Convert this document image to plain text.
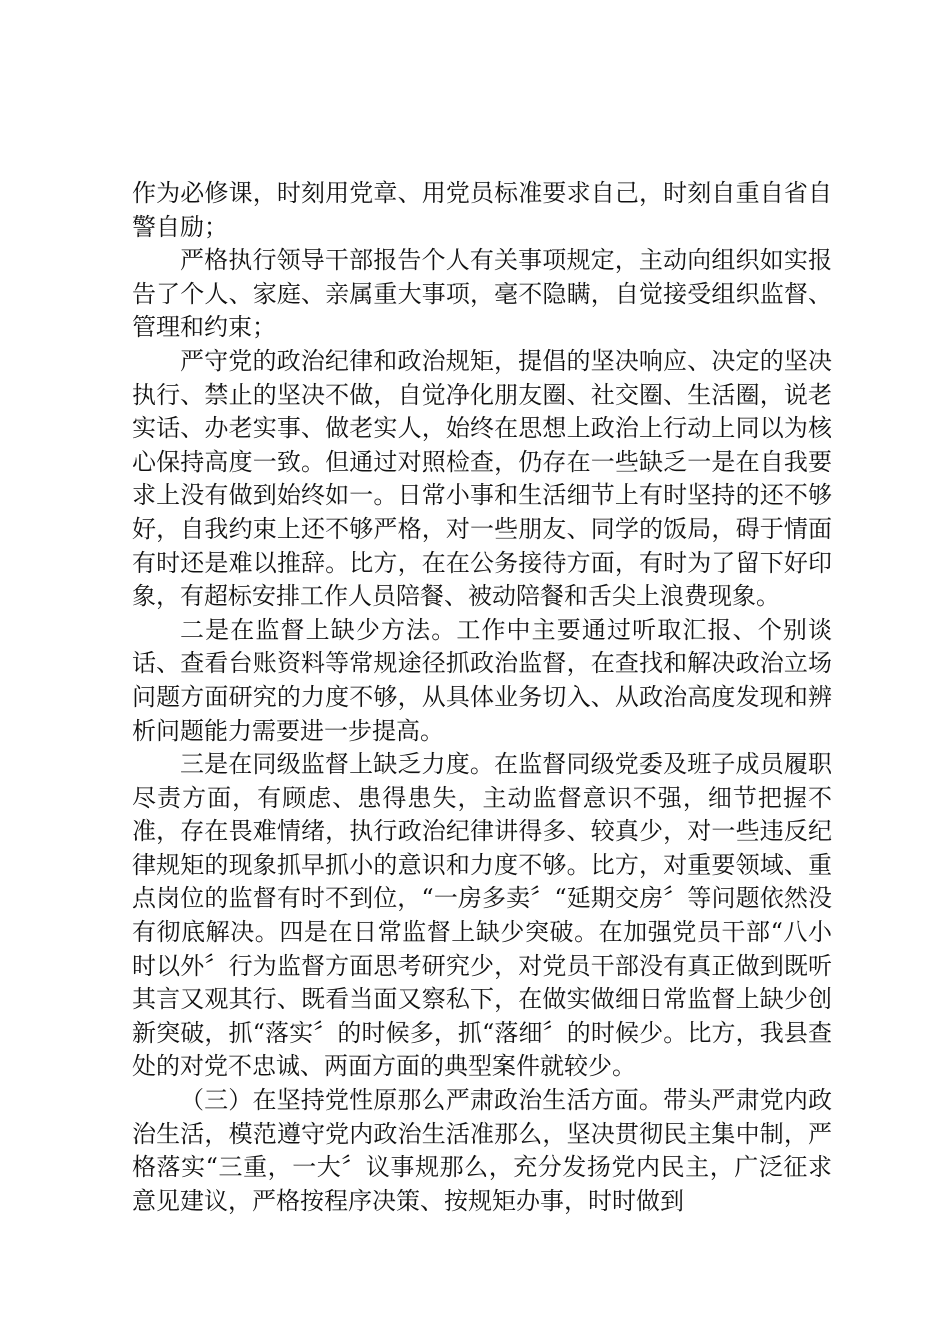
作为必修课，时刻用党章、用党员标准要求自己，时刻自重自省自警自励；

严格执行领导干部报告个人有关事项规定，主动向组织如实报告了个人、家庭、亲属重大事项，毫不隐瞒，自觉接受组织监督、管理和约束；

严守党的政治纪律和政治规矩，提倡的坚决响应、决定的坚决执行、禁止的坚决不做，自觉净化朋友圈、社交圈、生活圈，说老实话、办老实事、做老实人，始终在思想上政治上行动上同以为核心保持高度一致。但通过对照检查，仍存在一些缺乏一是在自我要求上没有做到始终如一。日常小事和生活细节上有时坚持的还不够好，自我约束上还不够严格，对一些朋友、同学的饭局，碍于情面有时还是难以推辞。比方，在在公务接待方面，有时为了留下好印象，有超标安排工作人员陪餐、被动陪餐和舌尖上浪费现象。

二是在监督上缺少方法。工作中主要通过听取汇报、个别谈话、查看台账资料等常规途径抓政治监督，在查找和解决政治立场问题方面研究的力度不够，从具体业务切入、从政治高度发现和辨析问题能力需要进一步提高。

三是在同级监督上缺乏力度。在监督同级党委及班子成员履职尽责方面，有顾虑、患得患失，主动监督意识不强，细节把握不准，存在畏难情绪，执行政治纪律讲得多、较真少，对一些违反纪律规矩的现象抓早抓小的意识和力度不够。比方，对重要领域、重点岗位的监督有时不到位，“一房多卖〞“延期交房〞等问题依然没有彻底解决。四是在日常监督上缺少突破。在加强党员干部“八小时以外〞行为监督方面思考研究少，对党员干部没有真正做到既听其言又观其行、既看当面又察私下，在做实做细日常监督上缺少创新突破，抓“落实〞的时候多，抓“落细〞的时候少。比方，我县查处的对党不忠诚、两面方面的典型案件就较少。

（三）在坚持党性原那么严肃政治生活方面。带头严肃党内政治生活，模范遵守党内政治生活准那么，坚决贯彻民主集中制，严格落实“三重，一大〞议事规那么，充分发扬党内民主，广泛征求意见建议，严格按程序决策、按规矩办事，时时做到
